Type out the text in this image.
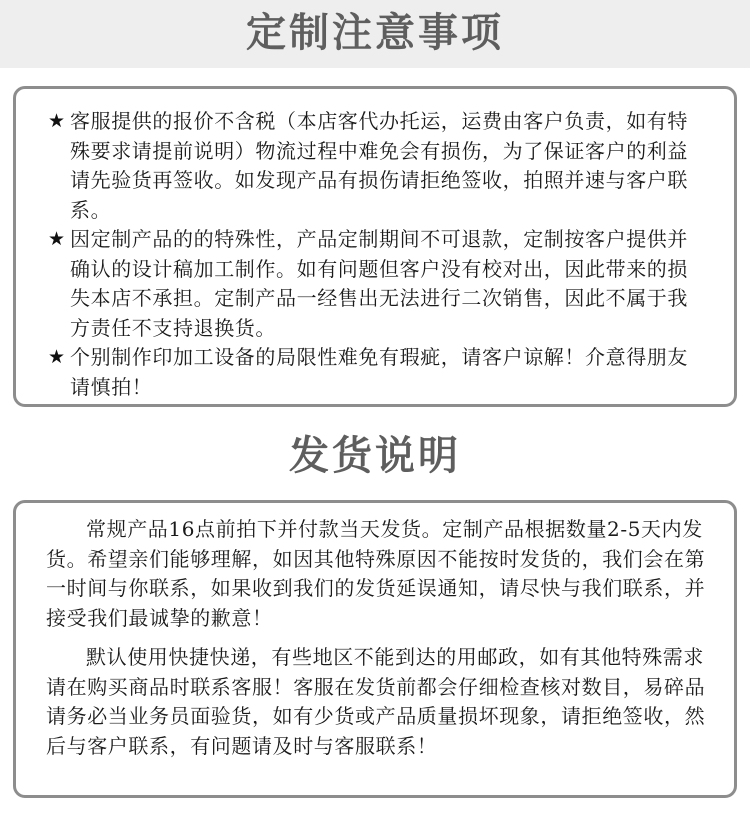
定制注意事项
★ 客服提供的报价不含税（本店客代办托运，运费由客户负责，如有特殊要求请提前说明）物流过程中难免会有损伤，为了保证客户的利益请先验货再签收。如发现产品有损伤请拒绝签收，拍照并速与客户联系。
★ 因定制产品的的特殊性，产品定制期间不可退款，定制按客户提供并确认的设计稿加工制作。如有问题但客户没有校对出，因此带来的损失本店不承担。定制产品一经售出无法进行二次销售，因此不属于我方责任不支持退换货。
★ 个别制作印加工设备的局限性难免有瑕疵，请客户谅解！介意得朋友请慎拍！
发货说明

常规产品16点前拍下并付款当天发货。定制产品根据数量2-5天内发货。希望亲们能够理解，如因其他特殊原因不能按时发货的，我们会在第一时间与你联系，如果收到我们的发货延误通知，请尽快与我们联系，并接受我们最诚挚的歉意！

默认使用快捷快递，有些地区不能到达的用邮政，如有其他特殊需求请在购买商品时联系客服！客服在发货前都会仔细检查核对数目，易碎品请务必当业务员面验货，如有少货或产品质量损坏现象，请拒绝签收，然后与客户联系，有问题请及时与客服联系！
